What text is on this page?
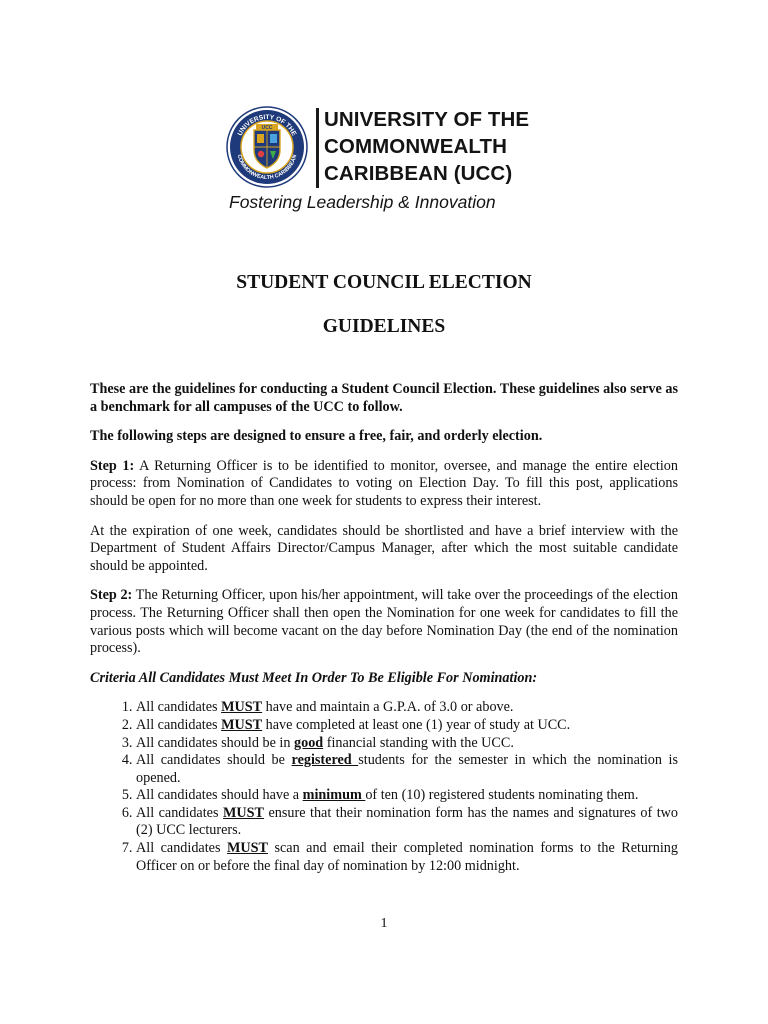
UNIVERSITY OF THE
COMMONWEALTH CARIBBEAN
UCC	UNIVERSITY OF THE
COMMONWEALTH
CARIBBEAN (UCC)
Fostering Leadership & Innovation
STUDENT COUNCIL ELECTION
GUIDELINES

These are the guidelines for conducting a Student Council Election. These guidelines also serve as a benchmark for all campuses of the UCC to follow.

The following steps are designed to ensure a free, fair, and orderly election.

Step 1: A Returning Officer is to be identified to monitor, oversee, and manage the entire election process: from Nomination of Candidates to voting on Election Day. To fill this post, applications should be open for no more than one week for students to express their interest.

At the expiration of one week, candidates should be shortlisted and have a brief interview with the Department of Student Affairs Director/Campus Manager, after which the most suitable candidate should be appointed.

Step 2: The Returning Officer, upon his/her appointment, will take over the proceedings of the election process. The Returning Officer shall then open the Nomination for one week for candidates to fill the various posts which will become vacant on the day before Nomination Day (the end of the nomination process).

Criteria All Candidates Must Meet In Order To Be Eligible For Nomination:
1. All candidates MUST have and maintain a G.P.A. of 3.0 or above.
2. All candidates MUST have completed at least one (1) year of study at UCC.
3. All candidates should be in good financial standing with the UCC.
4. All candidates should be registered students for the semester in which the nomination is opened.
5. All candidates should have a minimum of ten (10) registered students nominating them.
6. All candidates MUST ensure that their nomination form has the names and signatures of two (2) UCC lecturers.
7. All candidates MUST scan and email their completed nomination forms to the Returning Officer on or before the final day of nomination by 12:00 midnight.
1
